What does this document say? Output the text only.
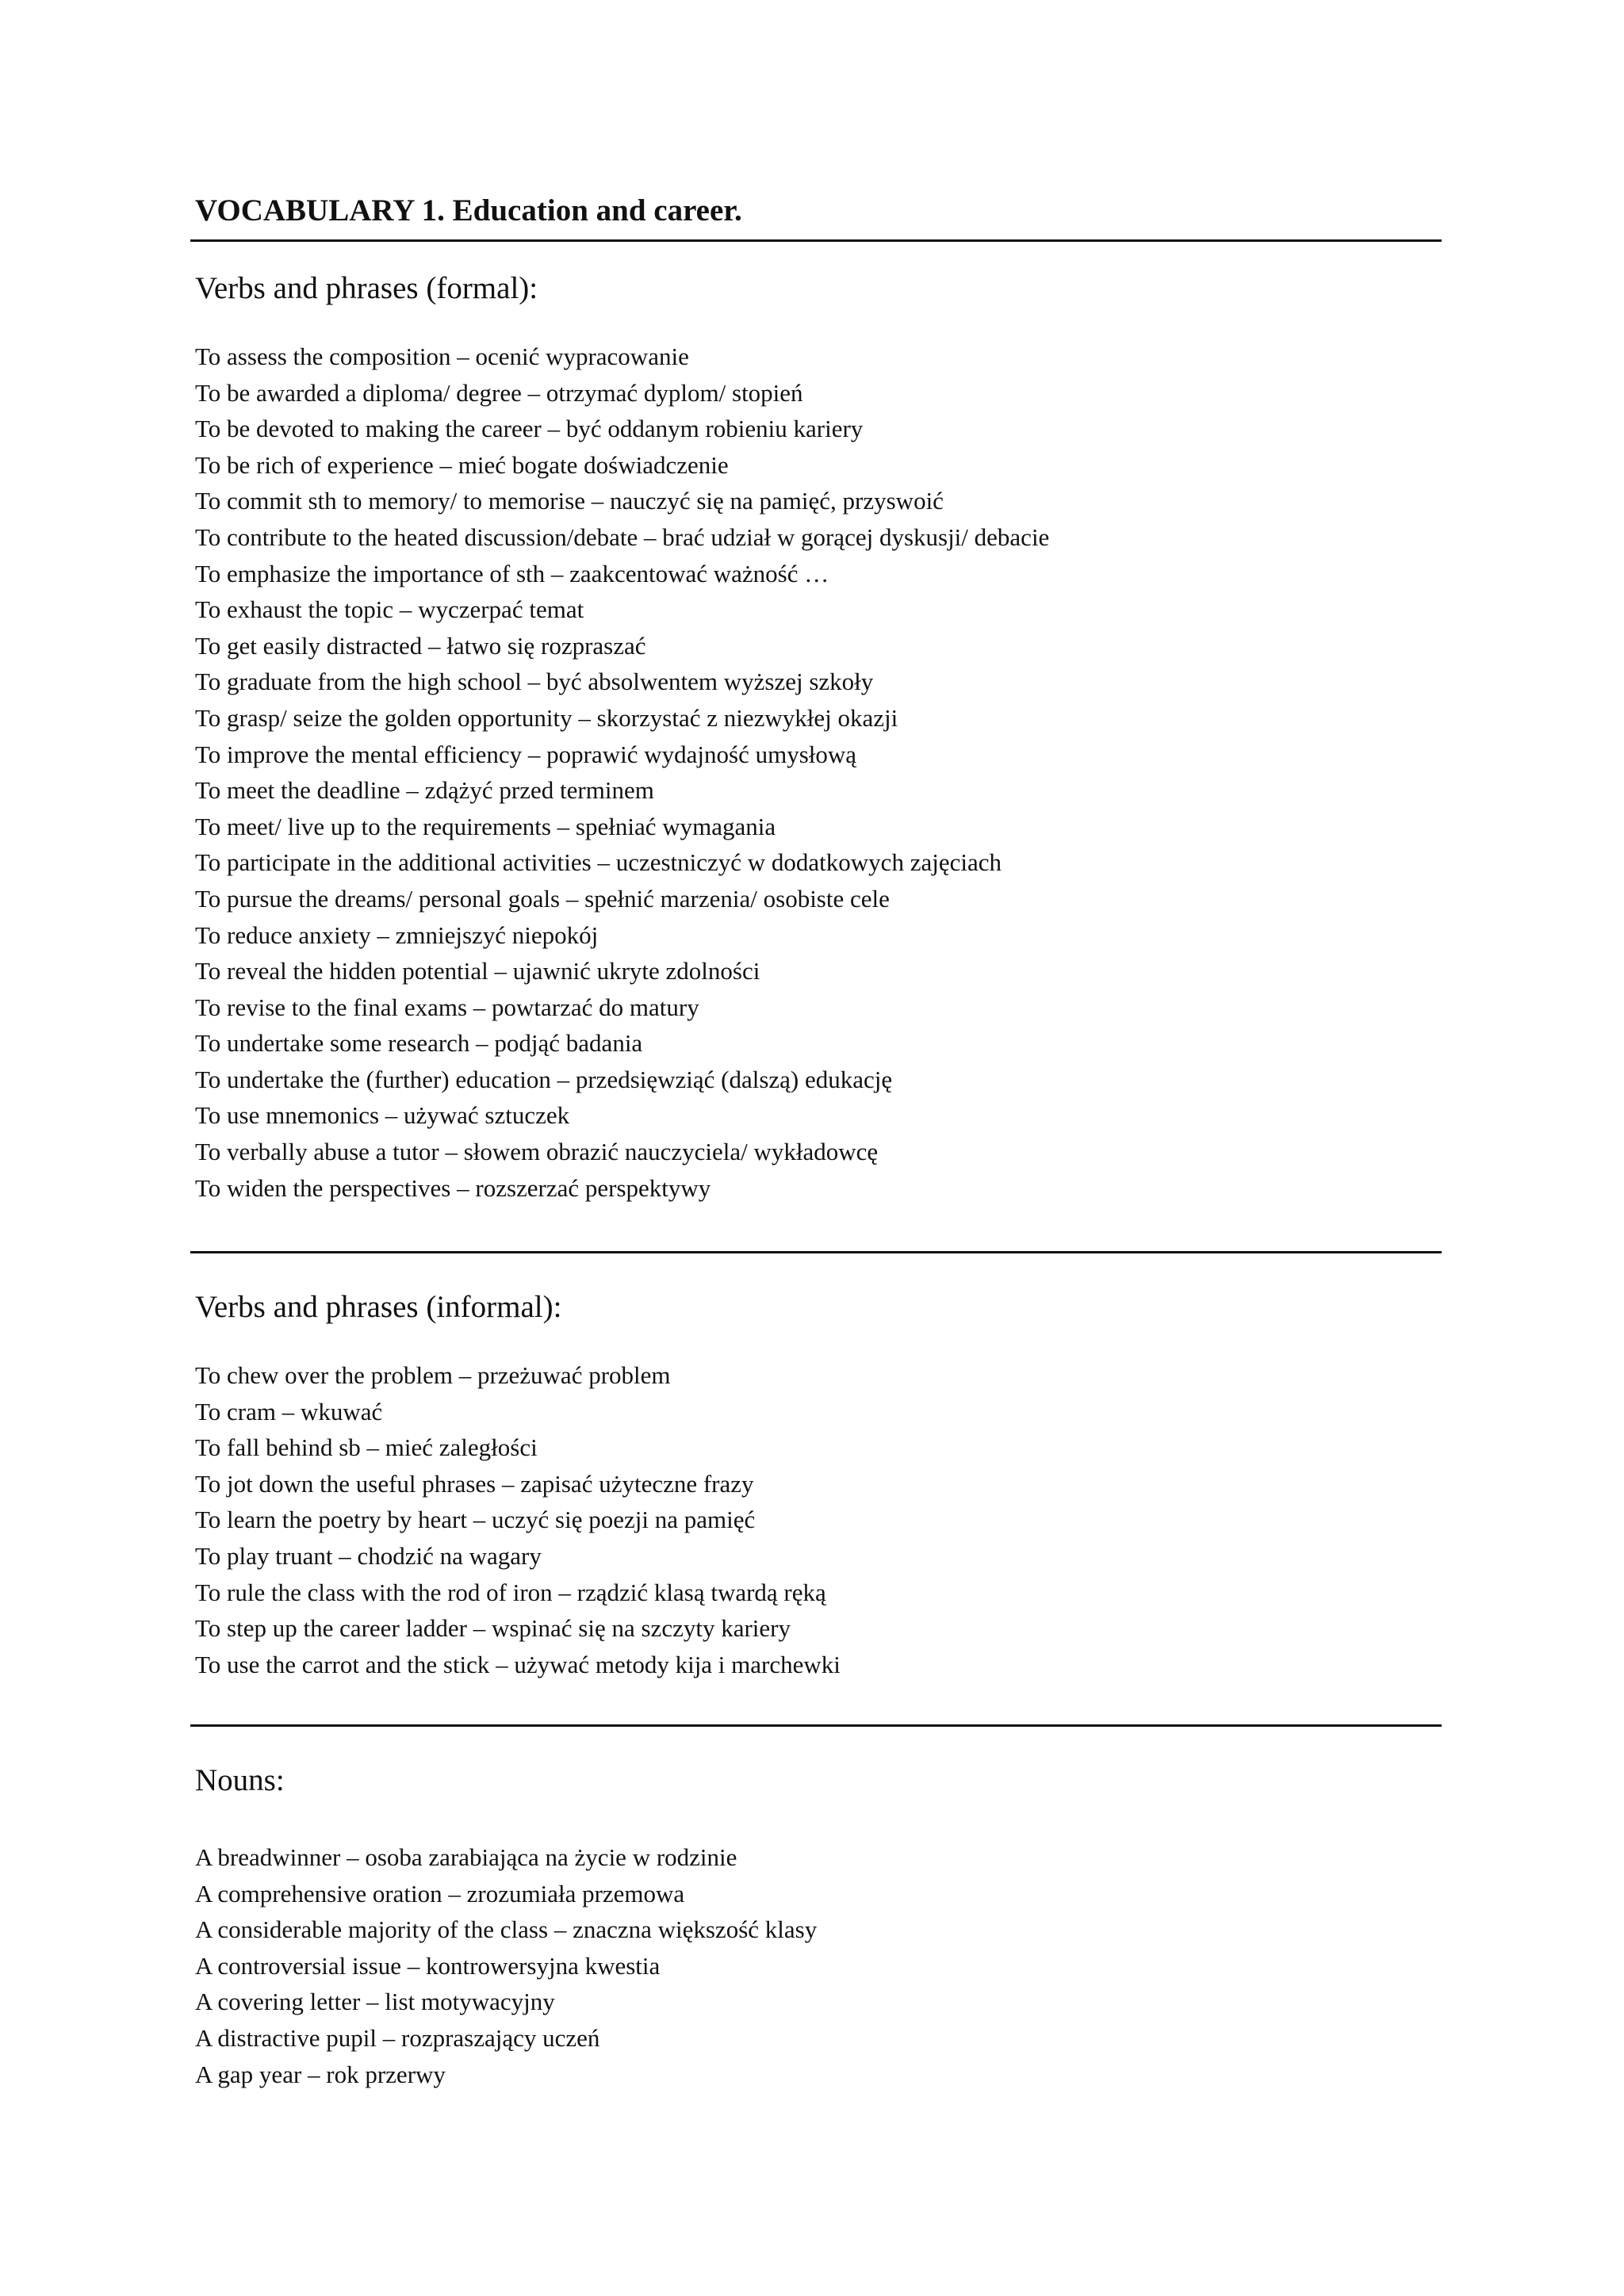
VOCABULARY 1. Education and career.
Verbs and phrases (formal):
To assess the composition – ocenić wypracowanie
To be awarded a diploma/ degree – otrzymać dyplom/ stopień
To be devoted to making the career – być oddanym robieniu kariery
To be rich of experience – mieć bogate doświadczenie
To commit sth to memory/ to memorise – nauczyć się na pamięć, przyswoić
To contribute to the heated discussion/debate – brać udział w gorącej dyskusji/ debacie
To emphasize the importance of sth – zaakcentować ważność …
To exhaust the topic – wyczerpać temat
To get easily distracted – łatwo się rozpraszać
To graduate from the high school – być absolwentem wyższej szkoły
To grasp/ seize the golden opportunity – skorzystać z niezwykłej okazji
To improve the mental efficiency – poprawić wydajność umysłową
To meet the deadline – zdążyć przed terminem
To meet/ live up to the requirements – spełniać wymagania
To participate in the additional activities – uczestniczyć w dodatkowych zajęciach
To pursue the dreams/ personal goals – spełnić marzenia/ osobiste cele
To reduce anxiety – zmniejszyć niepokój
To reveal the hidden potential – ujawnić ukryte zdolności
To revise to the final exams – powtarzać do matury
To undertake some research – podjąć badania
To undertake the (further) education – przedsięwziąć (dalszą) edukację
To use mnemonics – używać sztuczek
To verbally abuse a tutor – słowem obrazić nauczyciela/ wykładowcę
To widen the perspectives – rozszerzać perspektywy
Verbs and phrases (informal):
To chew over the problem – przeżuwać problem
To cram – wkuwać
To fall behind sb – mieć zaległości
To jot down the useful phrases – zapisać użyteczne frazy
To learn the poetry by heart – uczyć się poezji na pamięć
To play truant – chodzić na wagary
To rule the class with the rod of iron – rządzić klasą twardą ręką
To step up the career ladder – wspinać się na szczyty kariery
To use the carrot and the stick – używać metody kija i marchewki
Nouns:
A breadwinner – osoba zarabiająca na życie w rodzinie
A comprehensive oration – zrozumiała przemowa
A considerable majority of the class – znaczna większość klasy
A controversial issue – kontrowersyjna kwestia
A covering letter – list motywacyjny
A distractive pupil – rozpraszający uczeń
A gap year – rok przerwy
